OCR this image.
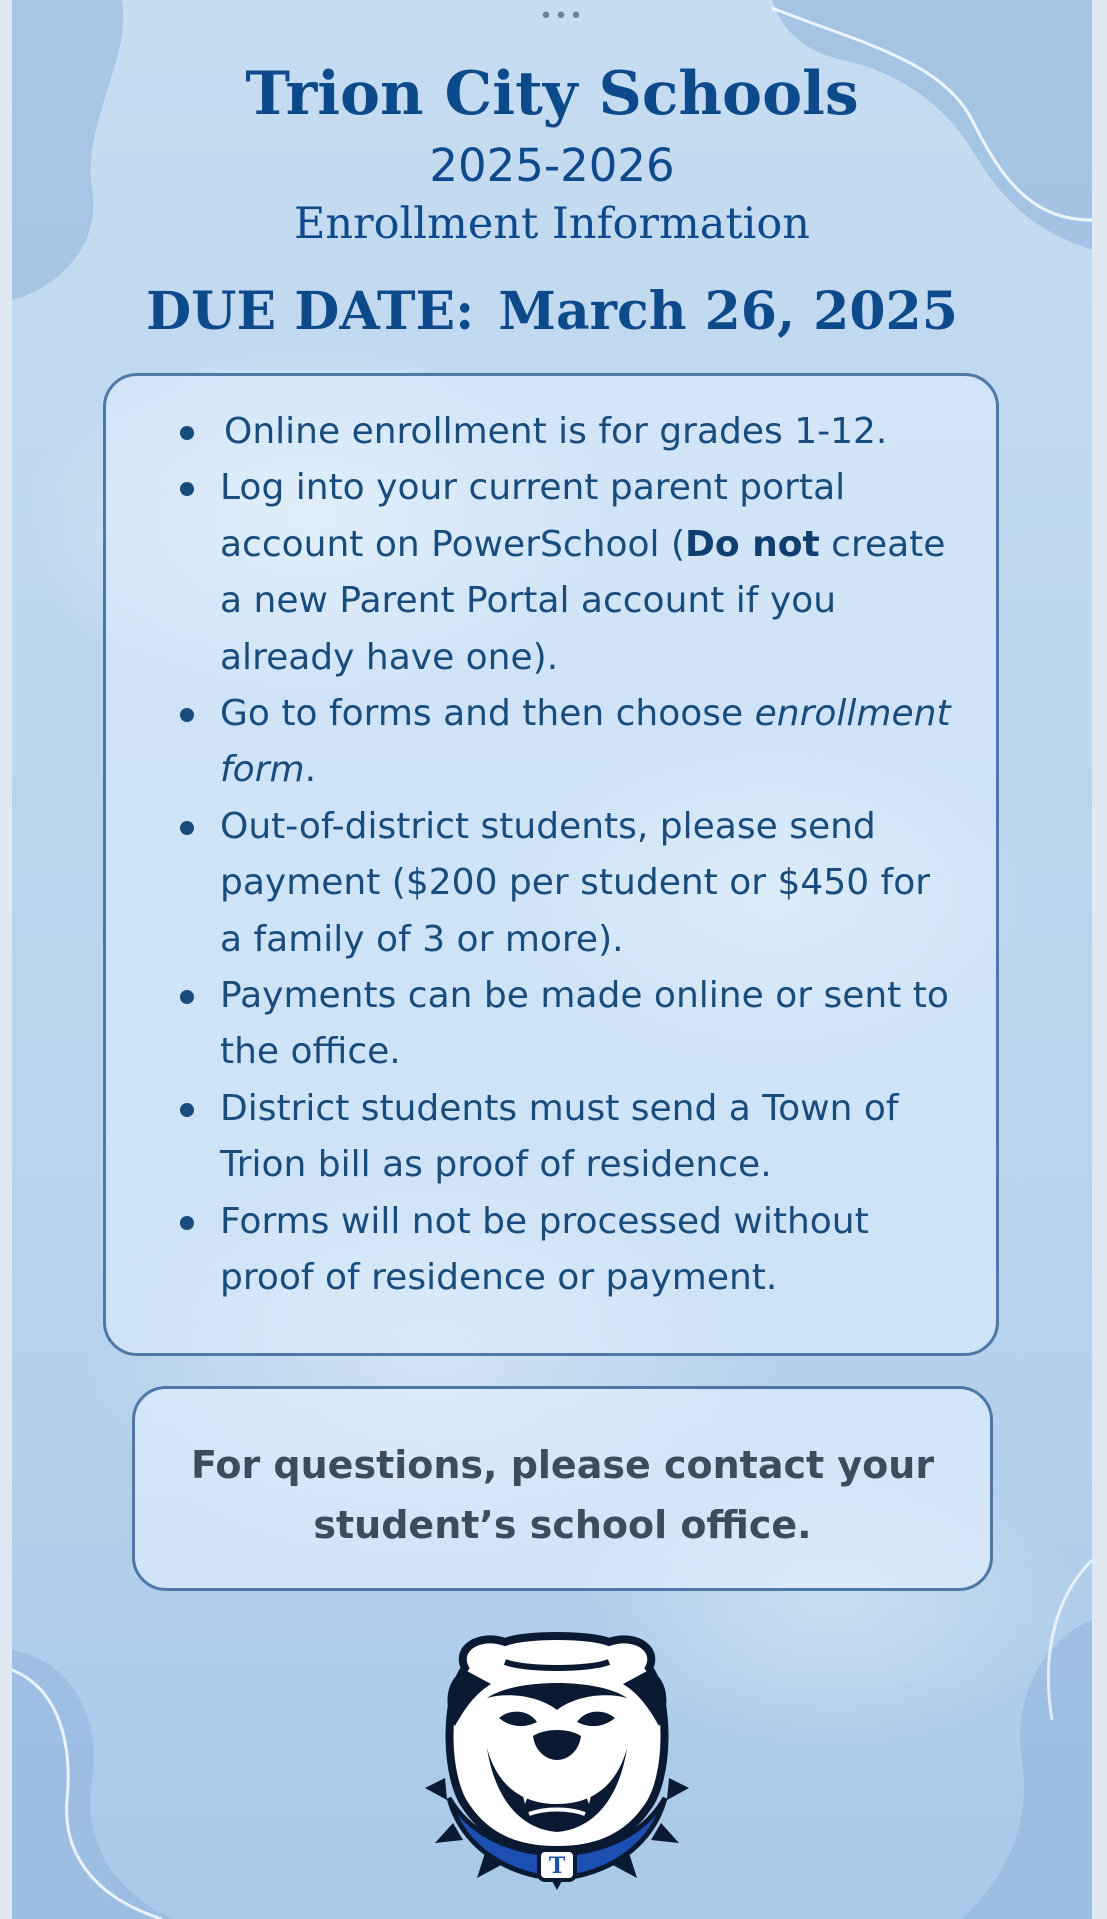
•••
Trion City Schools
2025-2026
Enrollment Information
DUE DATE: March 26, 2025
Online enrollment is for grades 1-12.
Log into your current parent portal account on PowerSchool (Do not create a new Parent Portal account if you already have one).
Go to forms and then choose enrollment form.
Out-of-district students, please send payment ($200 per student or $450 for a family of 3 or more).
Payments can be made online or sent to the office.
District students must send a Town of Trion bill as proof of residence.
Forms will not be processed without proof of residence or payment.
For questions, please contact your
student’s school office.
T
